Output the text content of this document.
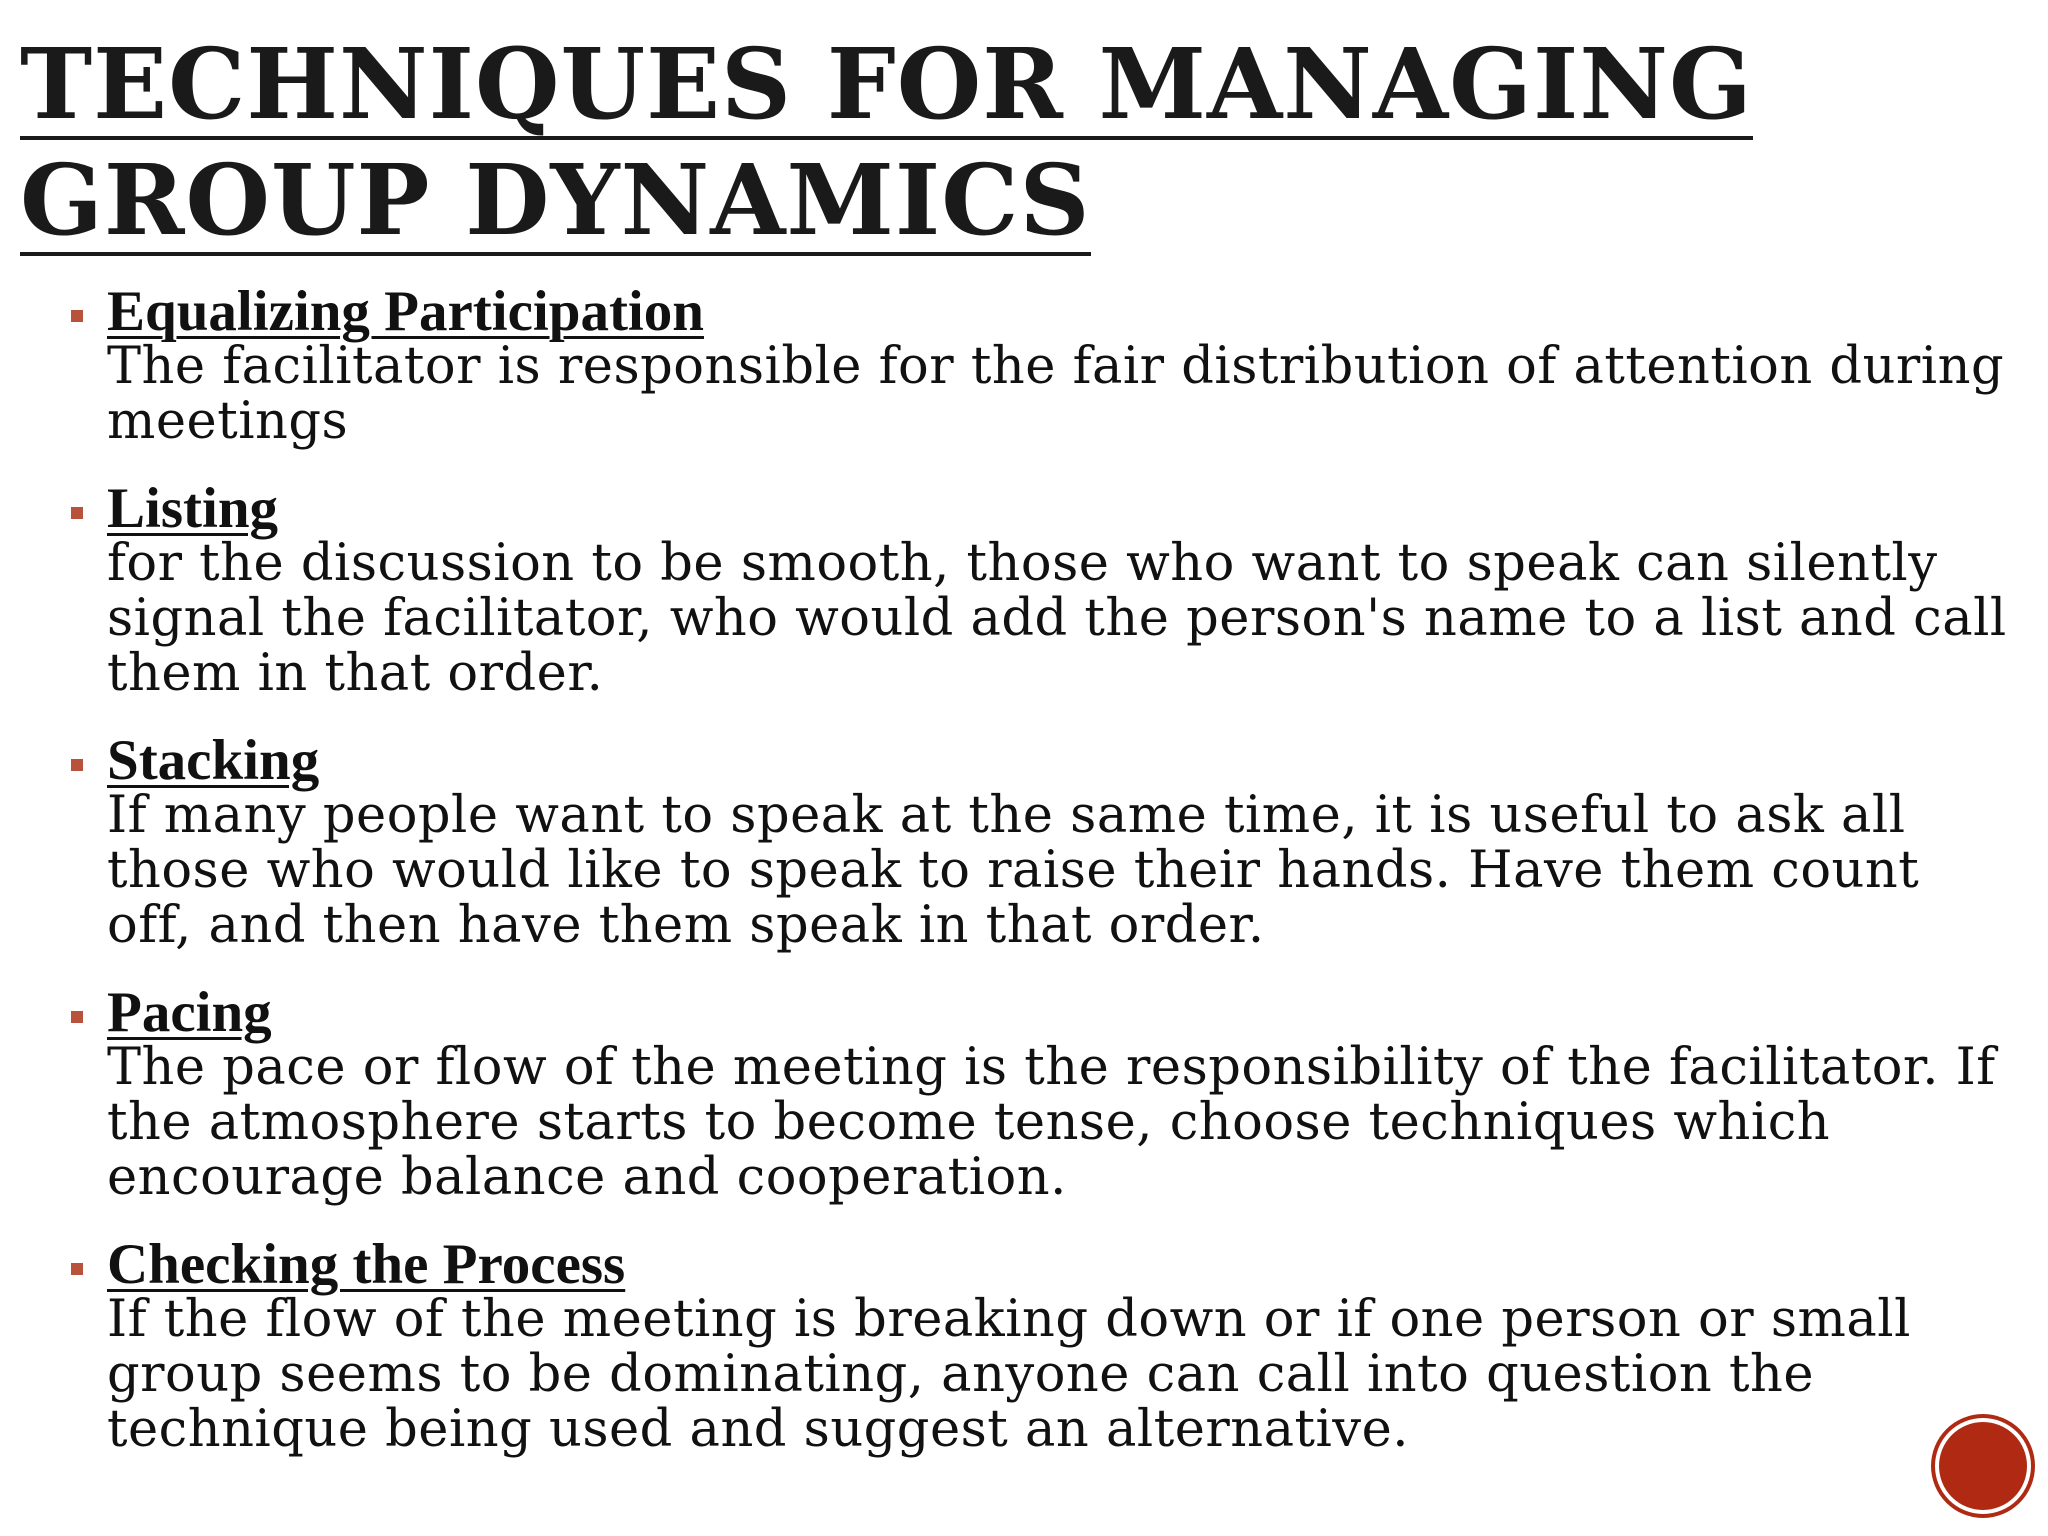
TECHNIQUES FOR MANAGING
GROUP DYNAMICS
Equalizing Participation
The facilitator is responsible for the fair distribution of attention during meetings
Listing
for the discussion to be smooth, those who want to speak can silently signal the facilitator, who would add the person's name to a list and call them in that order.
Stacking
If many people want to speak at the same time, it is useful to ask all those who would like to speak to raise their hands. Have them count off, and then have them speak in that order.
Pacing
The pace or flow of the meeting is the responsibility of the facilitator. If the atmosphere starts to become tense, choose techniques which encourage balance and cooperation.
Checking the Process
If the flow of the meeting is breaking down or if one person or small group seems to be dominating, anyone can call into question the technique being used and suggest an alternative.
